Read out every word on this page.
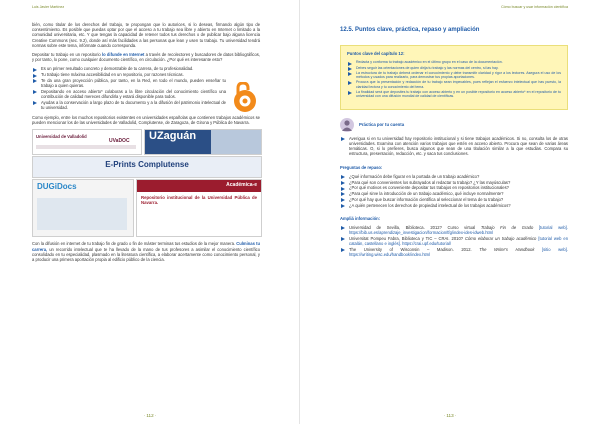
Luis Javier Martínez

bién, como titular de los derechos del trabajo, te propongan que lo autorices, si lo deseas, firmando algún tipo de consentimiento. Es posible que puedas optar por que el acceso a tu trabajo sea libre y abierto en Internet o limitado a la comunidad universitaria, etc. Y que tengas la capacidad de retener todos tus derechos o de publicar bajo alguna licencia Creative Commons (sec. 9.2), donde así más facilidades a las personas que lean y usen tu trabajo. Tu universidad tendrá normas sobre este tema, infórmate cuando corresponda.

Depositar tu trabajo en un repositorio lo difunde en Internet a través de recolectores y buscadores de datos bibliográficos, y por tanto, lo pone, como cualquier documento científico, en circulación. ¿Por qué es interesante esto?

Es un primer resultado concreto y demostrable de tu carrera, de tu profesionalidad.
Tu trabajo tiene máxima accesibilidad en un repositorio, por razones técnicas.
Te da una gran proyección pública, por tanto, en la Red, en todo el mundo, pueden enseñar tu trabajo a quien quieras.
Depositando en acceso abierto* colaboras a la libre circulación del conocimiento científico una contribución de calidad mereces difundirla y estará disponible para todos.
Ayudas a la conservación a largo plazo de tu documento y a la difusión del patrimonio intelectual de tu universidad.

Como ejemplo, entre los muchos repositorios existentes en universidades españolas que contienen trabajos académicos se pueden mencionar los de las universidades de Valladolid, Complutense, de Zaragoza, de Girona y Pública de Navarra.

Universidad de Valladolid
UVaDOC UZaguán
E-Prints Complutense
DUGiDocs	Académica-e
Repositorio institucional de la Universidad Pública de Navarra.

Con la difusión en internet de tu trabajo fin de grado o fin de máster terminas tus estudios de la mejor manera. Culminas tu carrera, un recorrido intelectual que te ha llevado de la mano de tus profesores a asimilar el conocimiento científico consolidado en tu especialidad, plasmado en la literatura científica, a elaborar acertamente como conocimiento personal, y a producir una primera aportación propia al edificio público de la ciencia.

· 112 ·
Cómo buscar y usar información científica
12.5. Puntos clave, práctica, repaso y ampliación
Puntos clave del capítulo 12:
Redacta y conforma tu trabajo académico en el último grupo en el caso de la documentación.
Debes seguir las orientaciones de quien dirija tu trabajo y las normas del centro, si las hay.
La estructura de tu trabajo deberá ordenar el conocimiento y debe transmitir claridad y rigor a los lectores. Asegura el uso de los métodos y usados para realizarlo, para demostrar tus propias aportaciones.
Procura que la presentación y redacción de tu trabajo sean impecables, pues reflejan el esfuerzo intelectual que has puesto, la claridad lectora y tu conocimiento del tema.
La finalidad será que deposites tu trabajo con acceso abierto y en un posible repositorio en acceso abierto* en el repositorio de tu universidad con una difusión mundial de calidad de científicas.
Práctica por tu cuenta
Averigua si en tu universidad hay repositorio institucional y si tiene trabajos académicos. Si no, consulta los de otras universidades. Examina con atención varios trabajos que estén en acceso abierto. Procura que sean de varias áreas temáticas. O, si lo prefieres, busca algunos que sean de una titulación similar a la que estudias. Compara su estructura, presentación, redacción, etc. y saca tus conclusiones.
Preguntas de repaso:
¿Qué información debe figurar en la portada de un trabajo académico?
¿Para qué son convenientes los subrayados al redactar tu trabajo? ¿Y las mayúsculas?
¿Por qué motivos es conveniente depositar tus trabajos en repositorios institucionales?
¿Para qué sirve la introducción de un trabajo académico, qué incluye normalmente?
¿Por qué hay que buscar información científica al seleccionar el tema de tu trabajo?
¿A quién pertenecen los derechos de propiedad intelectual de los trabajos académicos?
Ampliá información:
Universidad de Sevilla, Biblioteca. 2012? Curso virtual Trabajo Fin de Grado [tutorial web]. https://bib.us.es/aprendizaje_investigacion/formacion/tfg/index-ides-idweb.html
Universitat Pompeu Fabra, Biblioteca y TIC – CRAI. 2010? Cómo elaborar un trabajo académico [tutorial web en catalán, castellano e inglés]. https://crai.upf.edu/tutorial/
The University of Wisconsin – Madison. 2012. The Writer's Handbook [sitio web]. https://writing.wisc.edu/handbook/index.html
· 113 ·
